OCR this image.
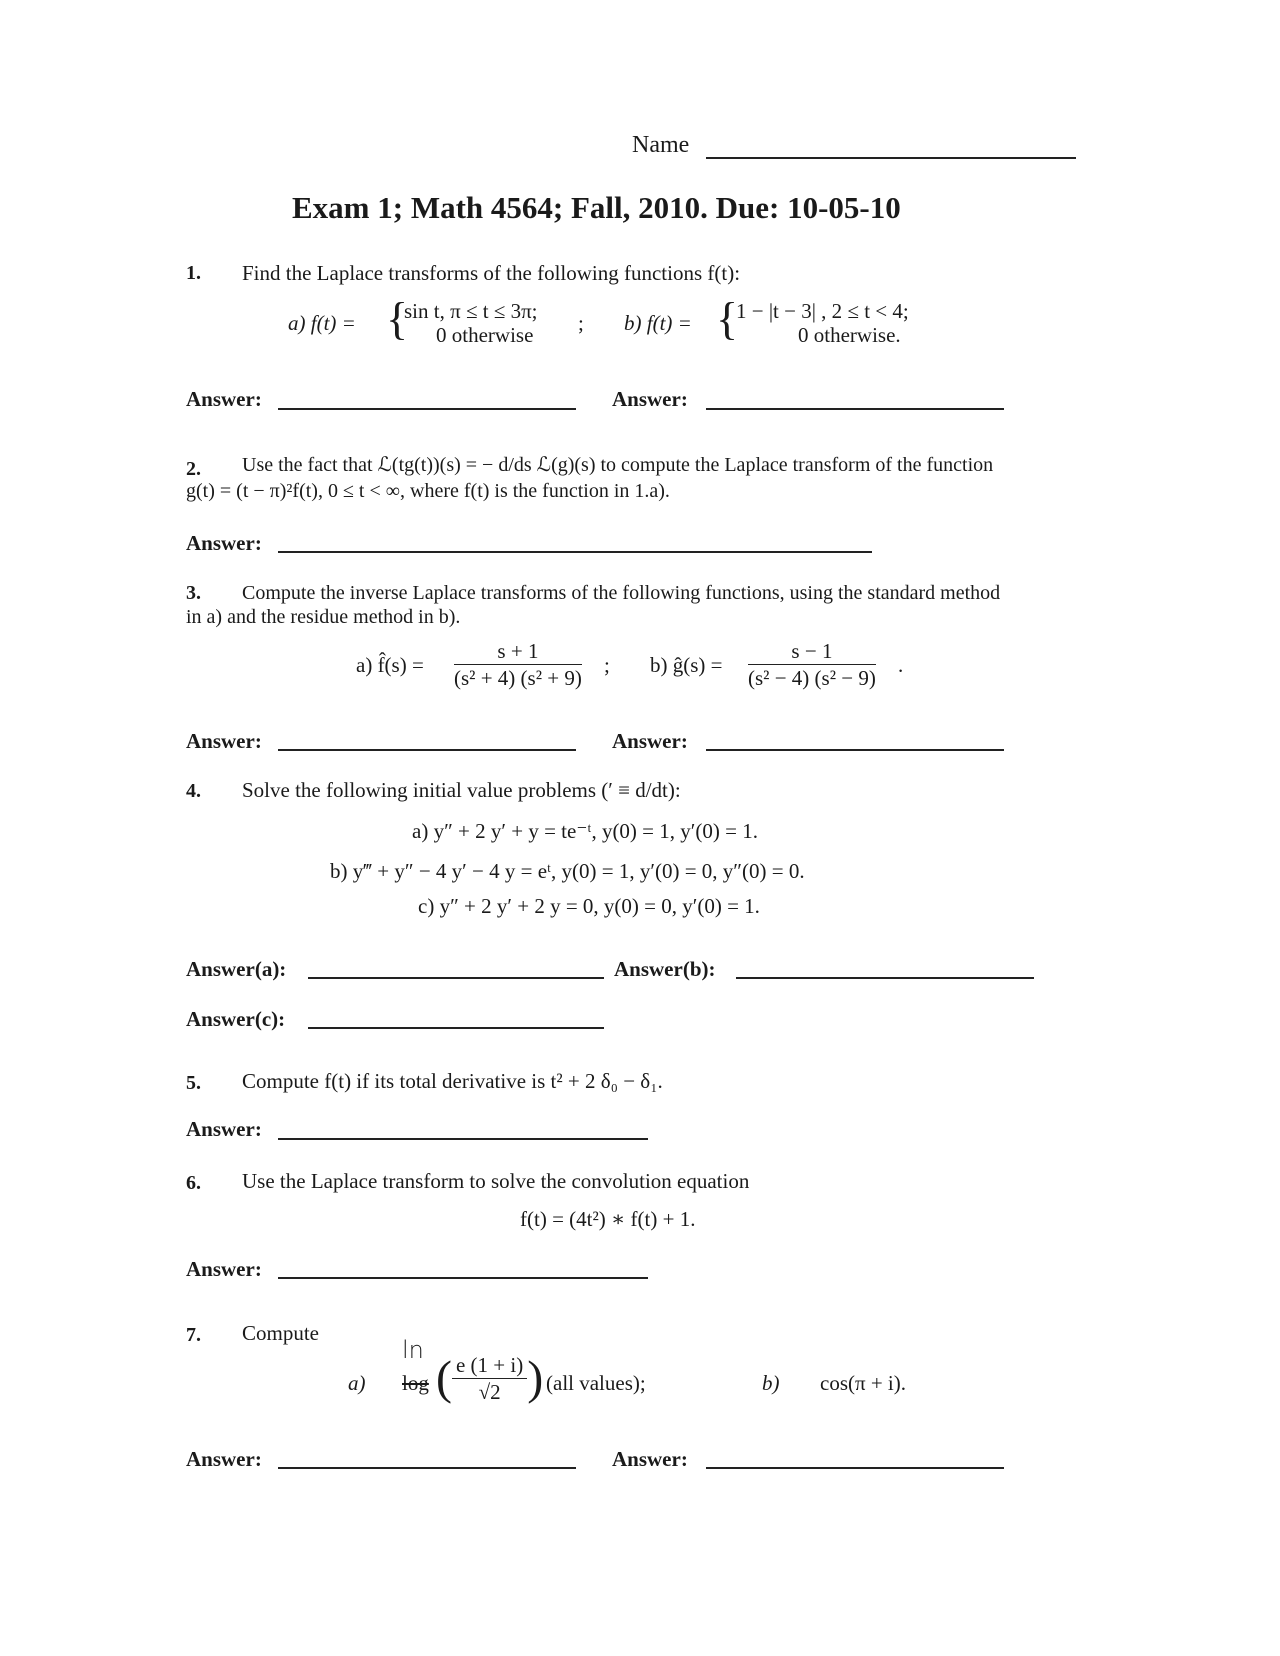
Name
Exam 1; Math 4564; Fall, 2010. Due: 10-05-10
1. Find the Laplace transforms of the following functions f(t):
a) f(t) = {
sin t, π ≤ t ≤ 3π;
0 otherwise ; b) f(t) = {
1 − |t − 3| , 2 ≤ t < 4;
0 otherwise.
Answer:	Answer:
2. Use the fact that ℒ(tg(t))(s) = − d/ds ℒ(g)(s) to compute the Laplace transform of the function
g(t) = (t − π)²f(t), 0 ≤ t < ∞, where f(t) is the function in 1.a).
Answer:
3. Compute the inverse Laplace transforms of the following functions, using the standard method
in a) and the residue method in b).
a) f̂(s) = $\frac{s + 1}{\text{(s² + 4) (s² + 9)}}$ ; b) ĝ(s) = $\frac{s - 1}{\text{(s² − 4) (s² − 9)}}$ .
Answer:	Answer:
4. Solve the following initial value problems (′ ≡ d/dt):
a) y″ + 2 y′ + y = te⁻ᵗ, y(0) = 1, y′(0) = 1.
b) y‴ + y″ − 4 y′ − 4 y = eᵗ, y(0) = 1, y′(0) = 0, y″(0) = 0.
c) y″ + 2 y′ + 2 y = 0, y(0) = 0, y′(0) = 1.
Answer(a):	Answer(b):
Answer(c):
5. Compute f(t) if its total derivative is t² + 2 δ₀ − δ₁.
Answer:
6. Use the Laplace transform to solve the convolution equation
f(t) = (4t²) ∗ f(t) + 1.
Answer:
7. Compute
a)
ln
log ( $\frac{e (1 + i)}{√2}$ ) (all values);	b) cos(π + i).
Answer:	Answer:
